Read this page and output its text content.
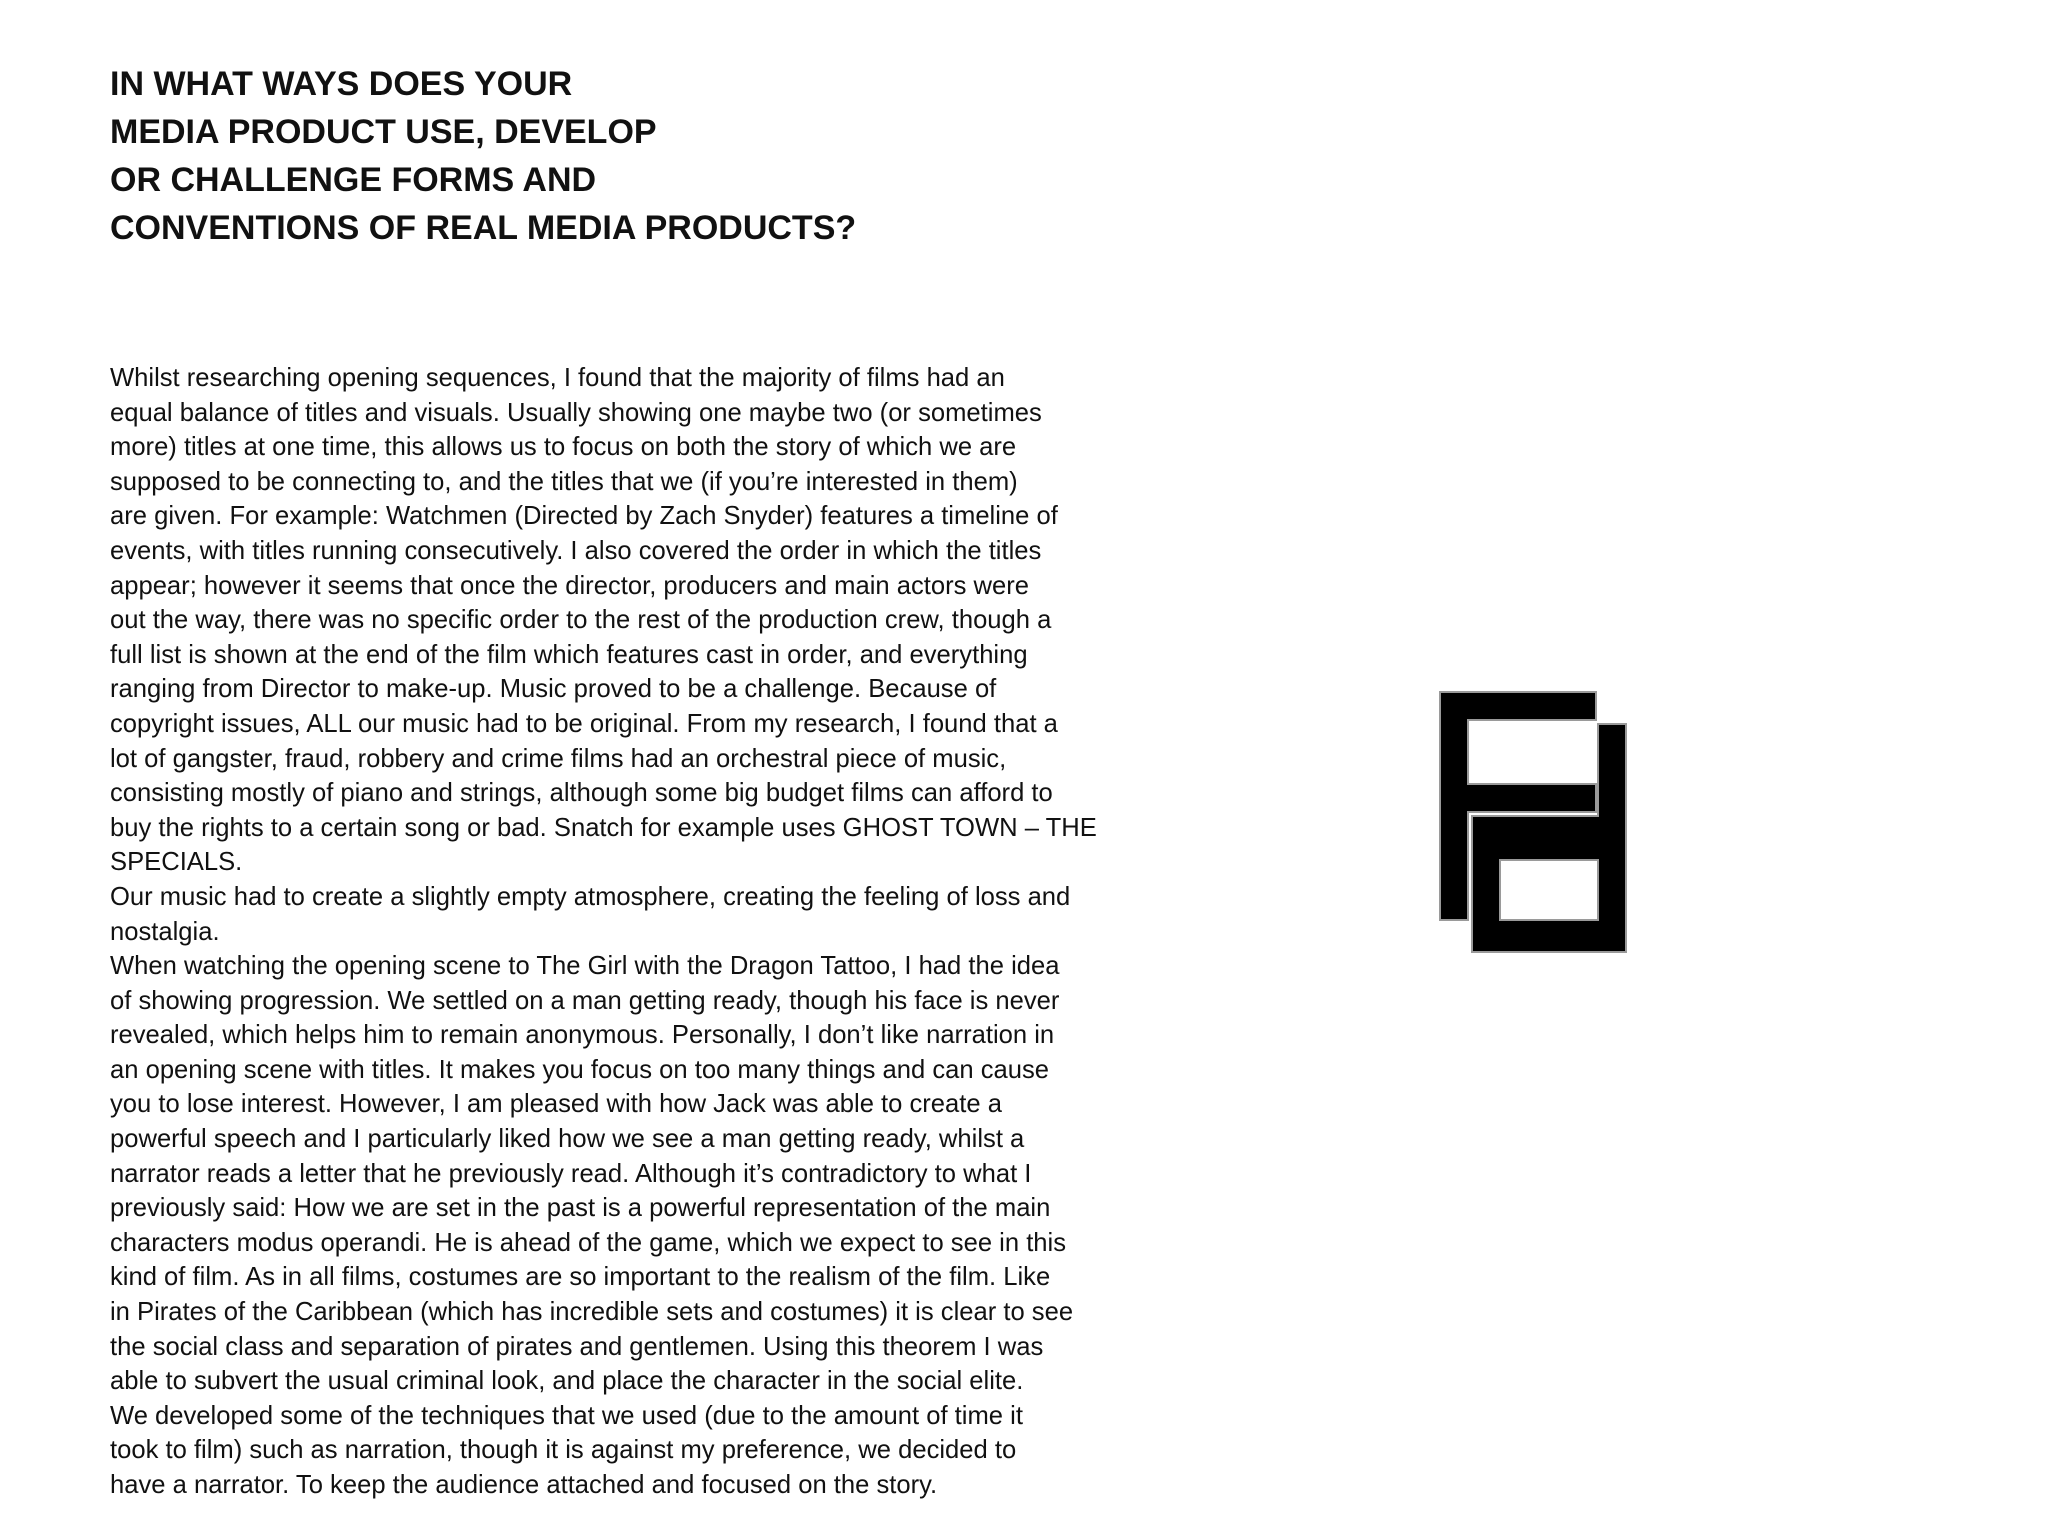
IN WHAT WAYS DOES YOUR
MEDIA PRODUCT USE, DEVELOP
OR CHALLENGE FORMS AND
CONVENTIONS OF REAL MEDIA PRODUCTS?
Whilst researching opening sequences, I found that the majority of films had an
equal balance of titles and visuals. Usually showing one maybe two (or sometimes
more) titles at one time, this allows us to focus on both the story of which we are
supposed to be connecting to, and the titles that we (if you’re interested in them)
are given. For example: Watchmen (Directed by Zach Snyder) features a timeline of
events, with titles running consecutively. I also covered the order in which the titles
appear; however it seems that once the director, producers and main actors were
out the way, there was no specific order to the rest of the production crew, though a
full list is shown at the end of the film which features cast in order, and everything
ranging from Director to make-up. Music proved to be a challenge. Because of
copyright issues, ALL our music had to be original. From my research, I found that a
lot of gangster, fraud, robbery and crime films had an orchestral piece of music,
consisting mostly of piano and strings, although some big budget films can afford to
buy the rights to a certain song or bad. Snatch for example uses GHOST TOWN – THE
SPECIALS.
Our music had to create a slightly empty atmosphere, creating the feeling of loss and
nostalgia.
When watching the opening scene to The Girl with the Dragon Tattoo, I had the idea
of showing progression. We settled on a man getting ready, though his face is never
revealed, which helps him to remain anonymous. Personally, I don’t like narration in
an opening scene with titles. It makes you focus on too many things and can cause
you to lose interest. However, I am pleased with how Jack was able to create a
powerful speech and I particularly liked how we see a man getting ready, whilst a
narrator reads a letter that he previously read. Although it’s contradictory to what I
previously said: How we are set in the past is a powerful representation of the main
characters modus operandi. He is ahead of the game, which we expect to see in this
kind of film. As in all films, costumes are so important to the realism of the film. Like
in Pirates of the Caribbean (which has incredible sets and costumes) it is clear to see
the social class and separation of pirates and gentlemen. Using this theorem I was
able to subvert the usual criminal look, and place the character in the social elite.
We developed some of the techniques that we used (due to the amount of time it
took to film) such as narration, though it is against my preference, we decided to
have a narrator. To keep the audience attached and focused on the story.
